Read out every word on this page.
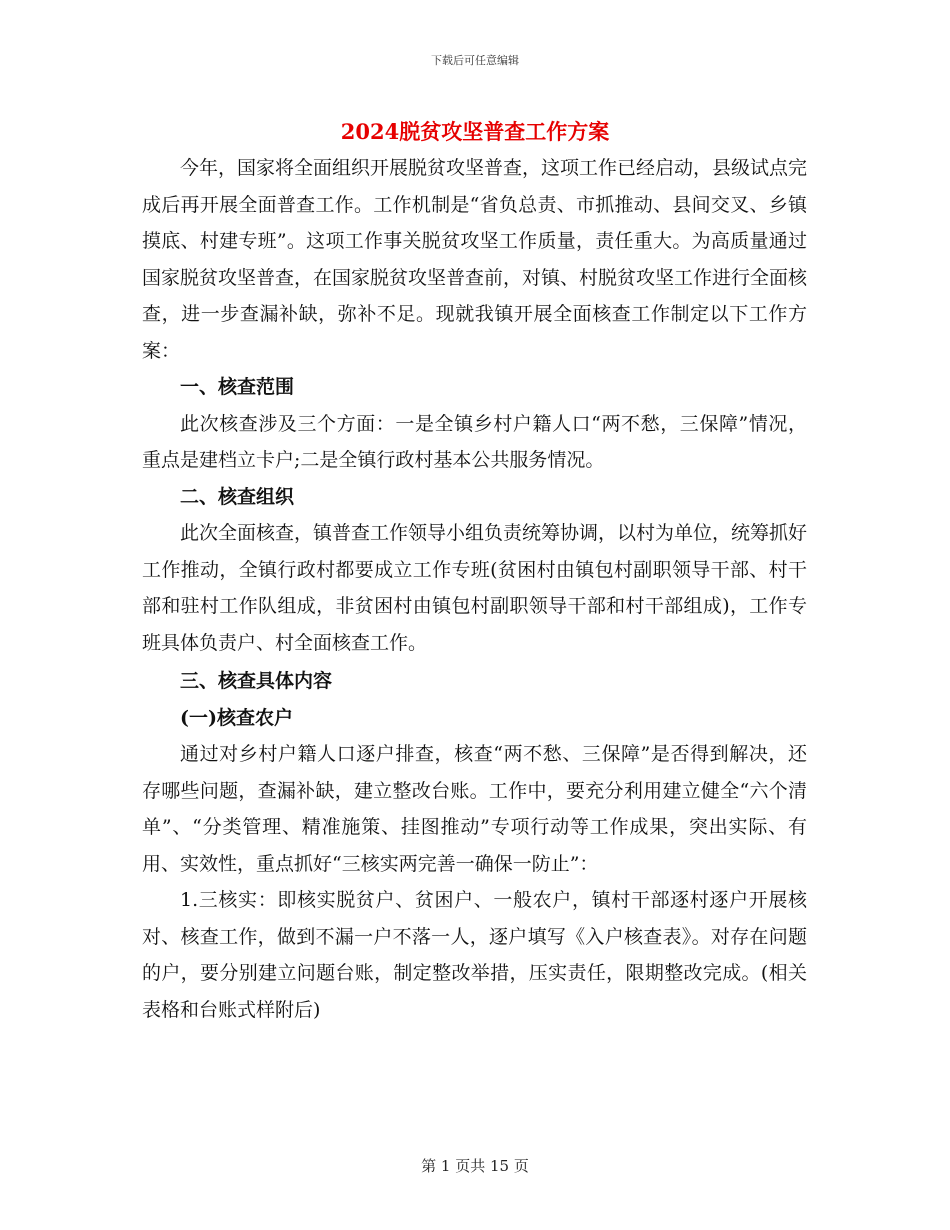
下载后可任意编辑
2024脱贫攻坚普查工作方案

今年，国家将全面组织开展脱贫攻坚普查，这项工作已经启动，县级试点完成后再开展全面普查工作。工作机制是“省负总责、市抓推动、县间交叉、乡镇摸底、村建专班”。这项工作事关脱贫攻坚工作质量，责任重大。为高质量通过国家脱贫攻坚普查，在国家脱贫攻坚普查前，对镇、村脱贫攻坚工作进行全面核查，进一步查漏补缺，弥补不足。现就我镇开展全面核查工作制定以下工作方案：

一、核查范围

此次核查涉及三个方面：一是全镇乡村户籍人口“两不愁，三保障”情况，重点是建档立卡户;二是全镇行政村基本公共服务情况。

二、核查组织

此次全面核查，镇普查工作领导小组负责统筹协调，以村为单位，统筹抓好工作推动，全镇行政村都要成立工作专班(贫困村由镇包村副职领导干部、村干部和驻村工作队组成，非贫困村由镇包村副职领导干部和村干部组成)，工作专班具体负责户、村全面核查工作。

三、核查具体内容

(一)核查农户

通过对乡村户籍人口逐户排查，核查“两不愁、三保障”是否得到解决，还存哪些问题，查漏补缺，建立整改台账。工作中，要充分利用建立健全“六个清单”、“分类管理、精准施策、挂图推动”专项行动等工作成果，突出实际、有用、实效性，重点抓好“三核实两完善一确保一防止”：

1.三核实：即核实脱贫户、贫困户、一般农户，镇村干部逐村逐户开展核对、核查工作，做到不漏一户不落一人，逐户填写《入户核查表》。对存在问题的户，要分别建立问题台账，制定整改举措，压实责任，限期整改完成。(相关表格和台账式样附后)

第 1 页共 15 页
